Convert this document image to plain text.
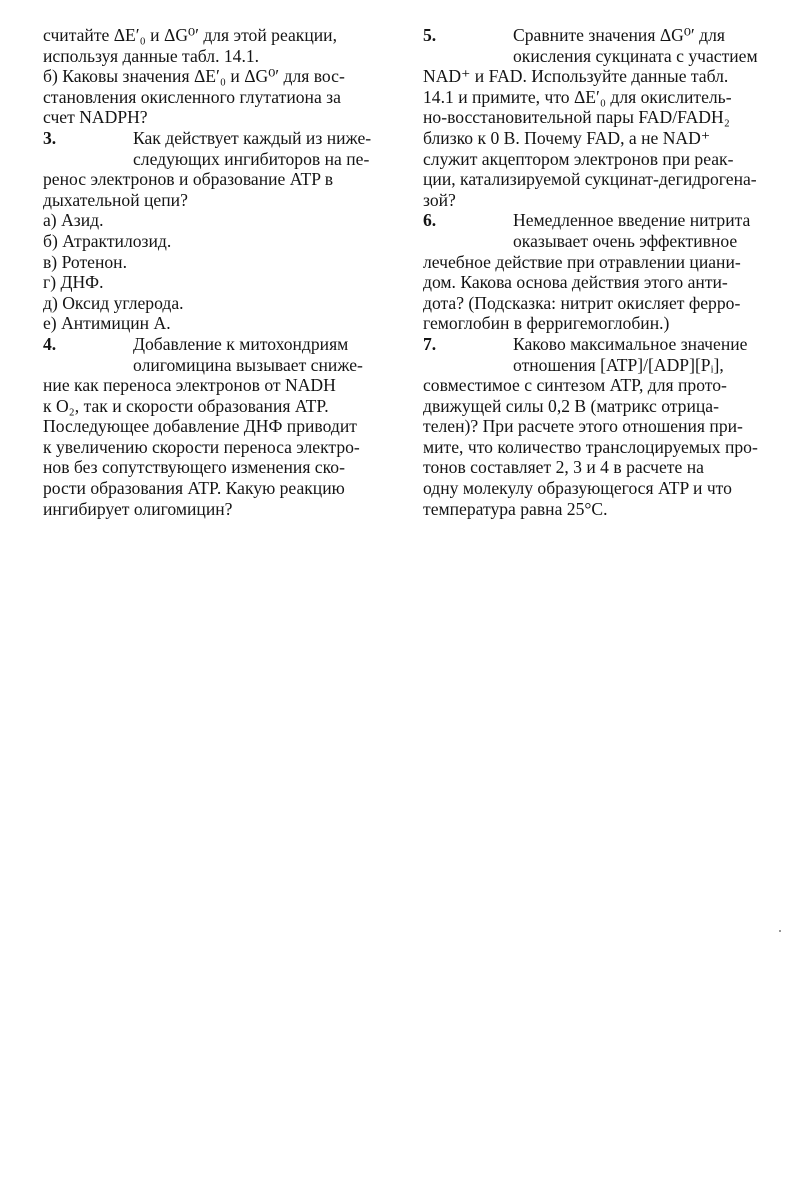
считайте ΔE′₀ и ΔG⁰′ для этой реакции,

используя данные табл. 14.1.

б) Каковы значения ΔE′₀ и ΔG⁰′ для вос-

становления окисленного глутатиона за

счет NADPH?

3.	Как действует каждый из ниже-

следующих ингибиторов на пе-

ренос электронов и образование ATP в

дыхательной цепи?

а) Азид.

б) Атрактилозид.

в) Ротенон.

г) ДНФ.

д) Оксид углерода.

е) Антимицин А.

4.	Добавление к митохондриям

олигомицина вызывает сниже-

ние как переноса электронов от NADH

к O₂, так и скорости образования ATP.

Последующее добавление ДНФ приводит

к увеличению скорости переноса электро-

нов без сопутствующего изменения ско-

рости образования ATP. Какую реакцию

ингибирует олигомицин?

5.	Сравните значения ΔG⁰′ для

окисления сукцината с участием

NAD⁺ и FAD. Используйте данные табл.

14.1 и примите, что ΔE′₀ для окислитель-

но-восстановительной пары FAD/FADH₂

близко к 0 В. Почему FAD, а не NAD⁺

служит акцептором электронов при реак-

ции, катализируемой сукцинат-дегидрогена-

зой?

6.	Немедленное введение нитрита

оказывает очень эффективное

лечебное действие при отравлении циани-

дом. Какова основа действия этого анти-

дота? (Подсказка: нитрит окисляет ферро-

гемоглобин в ферригемоглобин.)

7.	Каково максимальное значение

отношения [ATP]/[ADP][Pᵢ],

совместимое с синтезом ATP, для прото-

движущей силы 0,2 В (матрикс отрица-

телен)? При расчете этого отношения при-

мите, что количество транслоцируемых про-

тонов составляет 2, 3 и 4 в расчете на

одну молекулу образующегося ATP и что

температура равна 25°С.
